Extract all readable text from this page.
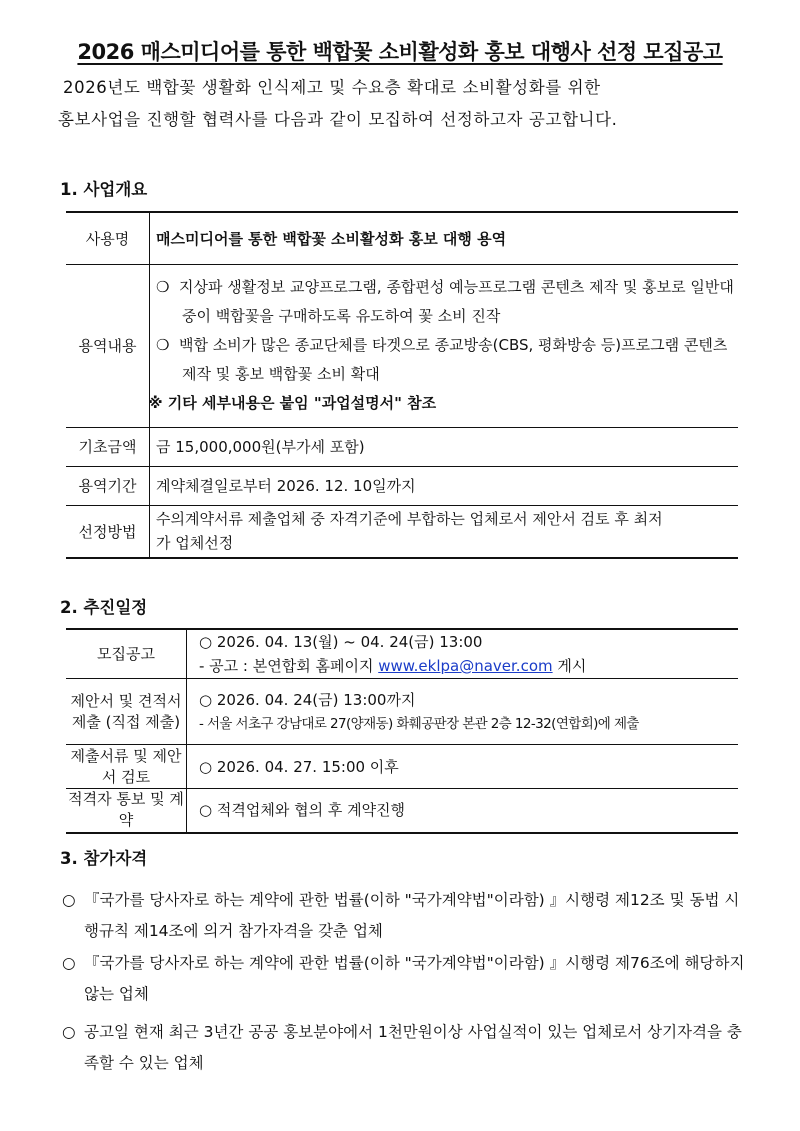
2026 매스미디어를 통한 백합꽃 소비활성화 홍보 대행사 선정 모집공고
2026년도 백합꽃 생활화 인식제고 및 수요층 확대로 소비활성화를 위한
홍보사업을 진행할 협력사를 다음과 같이 모집하여 선정하고자 공고합니다.
1. 사업개요
사용명	매스미디어를 통한 백합꽃 소비활성화 홍보 대행 용역
용역내용	❍ 지상파 생활정보 교양프로그램, 종합편성 예능프로그램 콘텐츠 제작 및 홍보로 일반대중이 백합꽃을 구매하도록 유도하여 꽃 소비 진작
❍ 백합 소비가 많은 종교단체를 타겟으로 종교방송(CBS, 평화방송 등)프로그램 콘텐츠 제작 및 홍보 백합꽃 소비 확대
※ 기타 세부내용은 붙임 "과업설명서" 참조

기초금액	금 15,000,000원(부가세 포함)
용역기간	계약체결일로부터 2026. 12. 10일까지
선정방법	수의계약서류 제출업체 중 자격기준에 부합하는 업체로서 제안서 검토 후 최저가 업체선정
2. 추진일정
모집공고	○ 2026. 04. 13(월) ~ 04. 24(금) 13:00
- 공고 : 본연합회 홈페이지 www.eklpa@naver.com 게시

제안서 및 견적서제출 (직접 제출)	○ 2026. 04. 24(금) 13:00까지
- 서울 서초구 강남대로 27(양재동) 화훼공판장 본관 2층 12-32(연합회)에 제출

제출서류 및 제안서 검토	○ 2026. 04. 27. 15:00 이후
적격자 통보 및 계약	○ 적격업체와 협의 후 계약진행
3. 참가자격
○ 『국가를 당사자로 하는 계약에 관한 법률(이하 "국가계약법"이라함) 』시행령 제12조 및 동법 시행규칙 제14조에 의거 참가자격을 갖춘 업체
○ 『국가를 당사자로 하는 계약에 관한 법률(이하 "국가계약법"이라함) 』시행령 제76조에 해당하지 않는 업체
○ 공고일 현재 최근 3년간 공공 홍보분야에서 1천만원이상 사업실적이 있는 업체로서 상기자격을 충족할 수 있는 업체
